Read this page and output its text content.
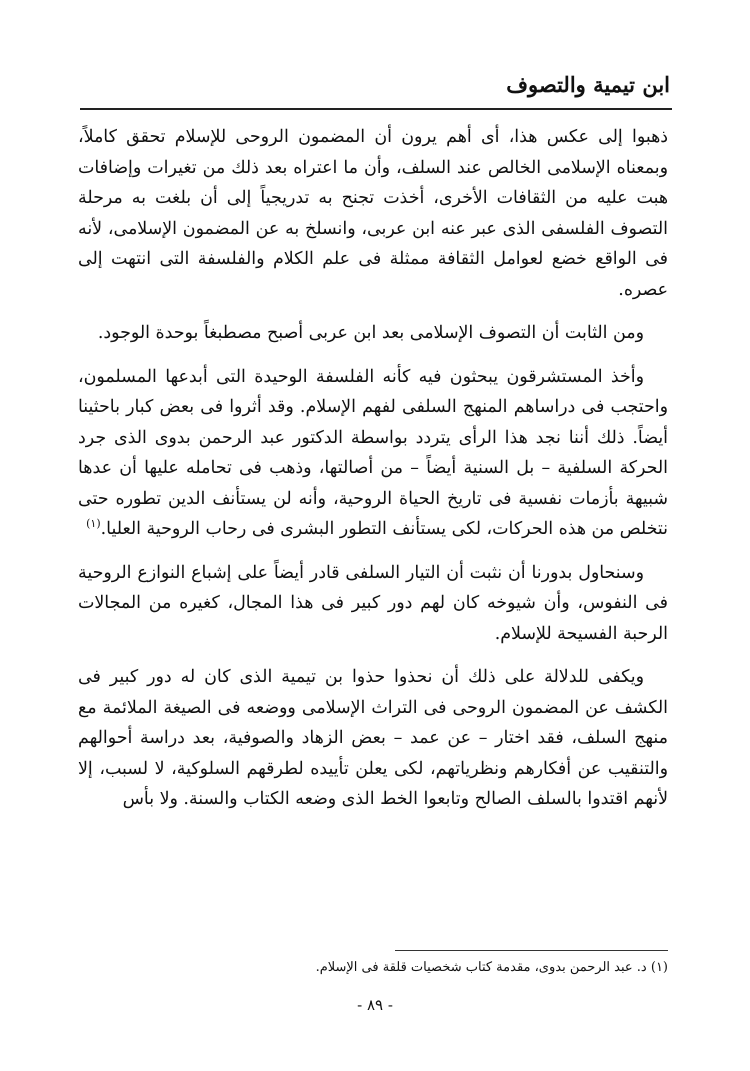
ابن تيمية والتصوف

ذهبوا إلى عكس هذا، أى أهم يرون أن المضمون الروحى للإسلام تحقق كاملاً، وبمعناه الإسلامى الخالص عند السلف، وأن ما اعتراه بعد ذلك من تغيرات وإضافات هبت عليه من الثقافات الأخرى، أخذت تجنح به تدريجياً إلى أن بلغت به مرحلة التصوف الفلسفى الذى عبر عنه ابن عربى، وانسلخ به عن المضمون الإسلامى، لأنه فى الواقع خضع لعوامل الثقافة ممثلة فى علم الكلام والفلسفة التى انتهت إلى عصره.

ومن الثابت أن التصوف الإسلامى بعد ابن عربى أصبح مصطبغاً بوحدة الوجود.

وأخذ المستشرقون يبحثون فيه كأنه الفلسفة الوحيدة التى أبدعها المسلمون، واحتجب فى دراساهم المنهج السلفى لفهم الإسلام. وقد أثروا فى بعض كبار باحثينا أيضاً. ذلك أننا نجد هذا الرأى يتردد بواسطة الدكتور عبد الرحمن بدوى الذى جرد الحركة السلفية – بل السنية أيضاً – من أصالتها، وذهب فى تحامله عليها أن عدها شبيهة بأزمات نفسية فى تاريخ الحياة الروحية، وأنه لن يستأنف الدين تطوره حتى نتخلص من هذه الحركات، لكى يستأنف التطور البشرى فى رحاب الروحية العليا.$^{(١)}$

وسنحاول بدورنا أن نثبت أن التيار السلفى قادر أيضاً على إشباع النوازع الروحية فى النفوس، وأن شيوخه كان لهم دور كبير فى هذا المجال، كغيره من المجالات الرحبة الفسيحة للإسلام.

ويكفى للدلالة على ذلك أن نحذوا حذوا بن تيمية الذى كان له دور كبير فى الكشف عن المضمون الروحى فى التراث الإسلامى ووضعه فى الصيغة الملائمة مع منهج السلف، فقد اختار – عن عمد – بعض الزهاد والصوفية، بعد دراسة أحوالهم والتنقيب عن أفكارهم ونظرياتهم، لكى يعلن تأييده لطرقهم السلوكية، لا لسبب، إلا لأنهم اقتدوا بالسلف الصالح وتابعوا الخط الذى وضعه الكتاب والسنة. ولا بأس

(١) د. عبد الرحمن بدوى، مقدمة كتاب شخصيات قلقة فى الإسلام.
- ٨٩ -
